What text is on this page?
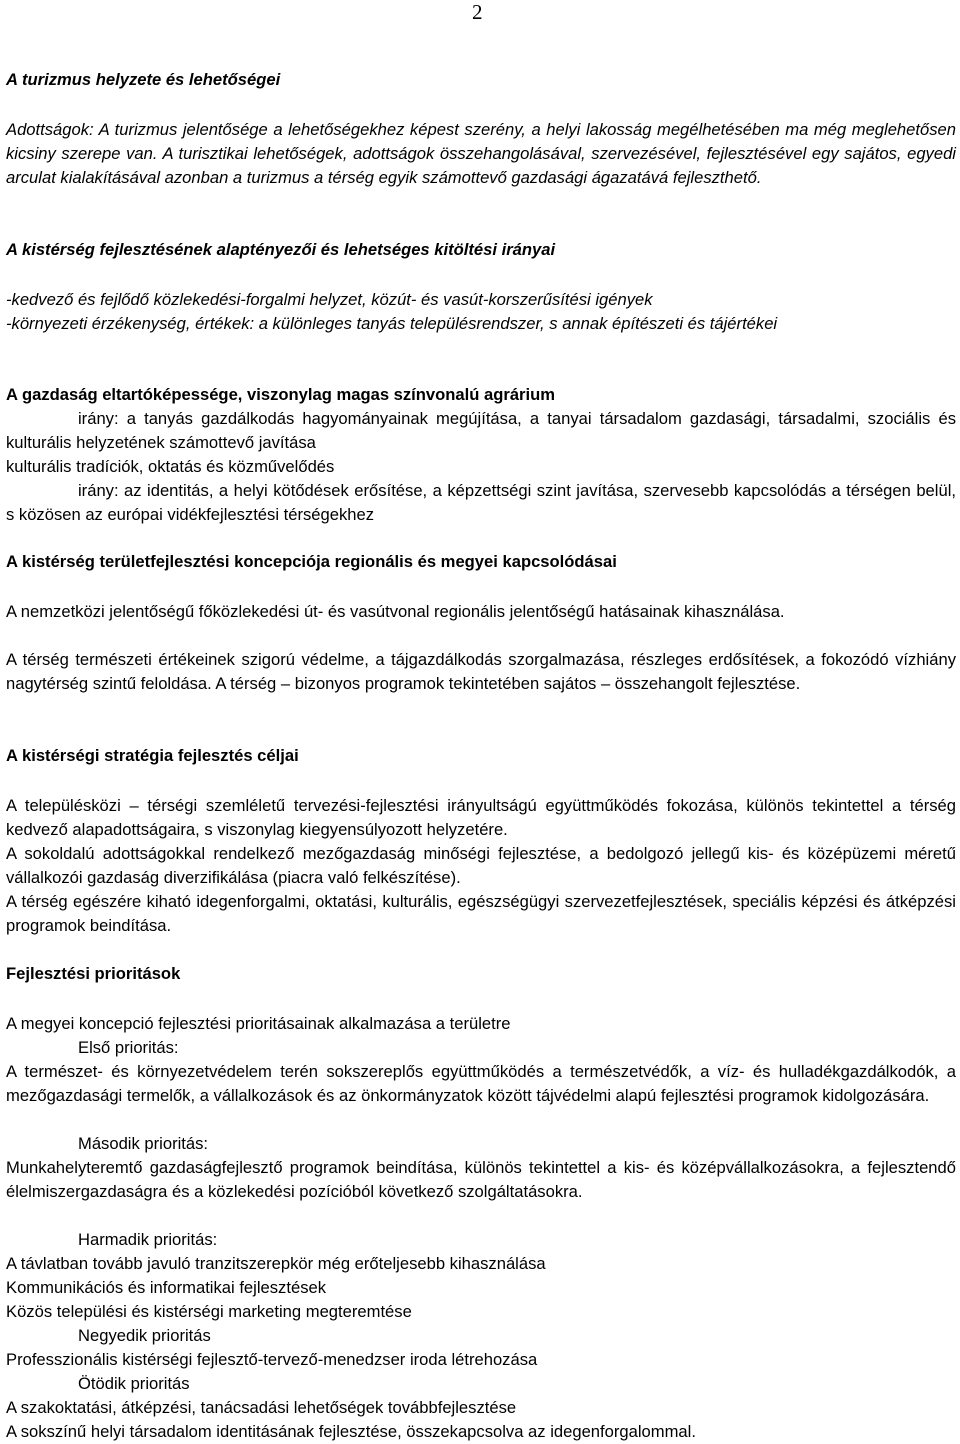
2
A turizmus helyzete és lehetőségei
Adottságok: A turizmus jelentősége a lehetőségekhez képest szerény, a helyi lakosság megélhetésében ma még meglehetősen kicsiny szerepe van. A turisztikai lehetőségek, adottságok összehangolásával, szervezésével, fejlesztésével egy sajátos, egyedi arculat kialakításával azonban a turizmus a térség egyik számottevő gazdasági ágazatává fejleszthető.
A kistérség fejlesztésének alaptényezői és lehetséges kitöltési irányai
-kedvező és fejlődő közlekedési-forgalmi helyzet, közút- és vasút-korszerűsítési igények
-környezeti érzékenység, értékek: a különleges tanyás településrendszer, s annak építészeti és tájértékei
A gazdaság eltartóképessége, viszonylag magas színvonalú agrárium
irány: a tanyás gazdálkodás hagyományainak megújítása, a tanyai társadalom gazdasági, társadalmi, szociális és kulturális helyzetének számottevő javítása
kulturális tradíciók, oktatás és közművelődés
irány: az identitás, a helyi kötődések erősítése, a képzettségi szint javítása, szervesebb kapcsolódás a térségen belül, s közösen az európai vidékfejlesztési térségekhez
A kistérség területfejlesztési koncepciója regionális és megyei kapcsolódásai
A nemzetközi jelentőségű főközlekedési út- és vasútvonal regionális jelentőségű hatásainak kihasználása.
A térség természeti értékeinek szigorú védelme, a tájgazdálkodás szorgalmazása, részleges erdősítések, a fokozódó vízhiány nagytérség szintű feloldása. A térség – bizonyos programok tekintetében sajátos – összehangolt fejlesztése.
A kistérségi stratégia fejlesztés céljai
A településközi – térségi szemléletű tervezési-fejlesztési irányultságú együttműködés fokozása, különös tekintettel a térség kedvező alapadottságaira, s viszonylag kiegyensúlyozott helyzetére.
A sokoldalú adottságokkal rendelkező mezőgazdaság minőségi fejlesztése, a bedolgozó jellegű kis- és középüzemi méretű vállalkozói gazdaság diverzifikálása (piacra való felkészítése).
A térség egészére kiható idegenforgalmi, oktatási, kulturális, egészségügyi szervezetfejlesztések, speciális képzési és átképzési programok beindítása.
Fejlesztési prioritások
A megyei koncepció fejlesztési prioritásainak alkalmazása a területre
Első prioritás:
A természet- és környezetvédelem terén sokszereplős együttműködés a természetvédők, a víz- és hulladékgazdálkodók, a mezőgazdasági termelők, a vállalkozások és az önkormányzatok között tájvédelmi alapú fejlesztési programok kidolgozására.
Második prioritás:
Munkahelyteremtő gazdaságfejlesztő programok beindítása, különös tekintettel a kis- és középvállalkozásokra, a fejlesztendő élelmiszergazdaságra és a közlekedési pozícióból következő szolgáltatásokra.
Harmadik prioritás:
A távlatban tovább javuló tranzitszerepkör még erőteljesebb kihasználása
Kommunikációs és informatikai fejlesztések
Közös települési és kistérségi marketing megteremtése
Negyedik prioritás
Professzionális kistérségi fejlesztő-tervező-menedzser iroda létrehozása
Ötödik prioritás
A szakoktatási, átképzési, tanácsadási lehetőségek továbbfejlesztése
A sokszínű helyi társadalom identitásának fejlesztése, összekapcsolva az idegenforgalommal.
